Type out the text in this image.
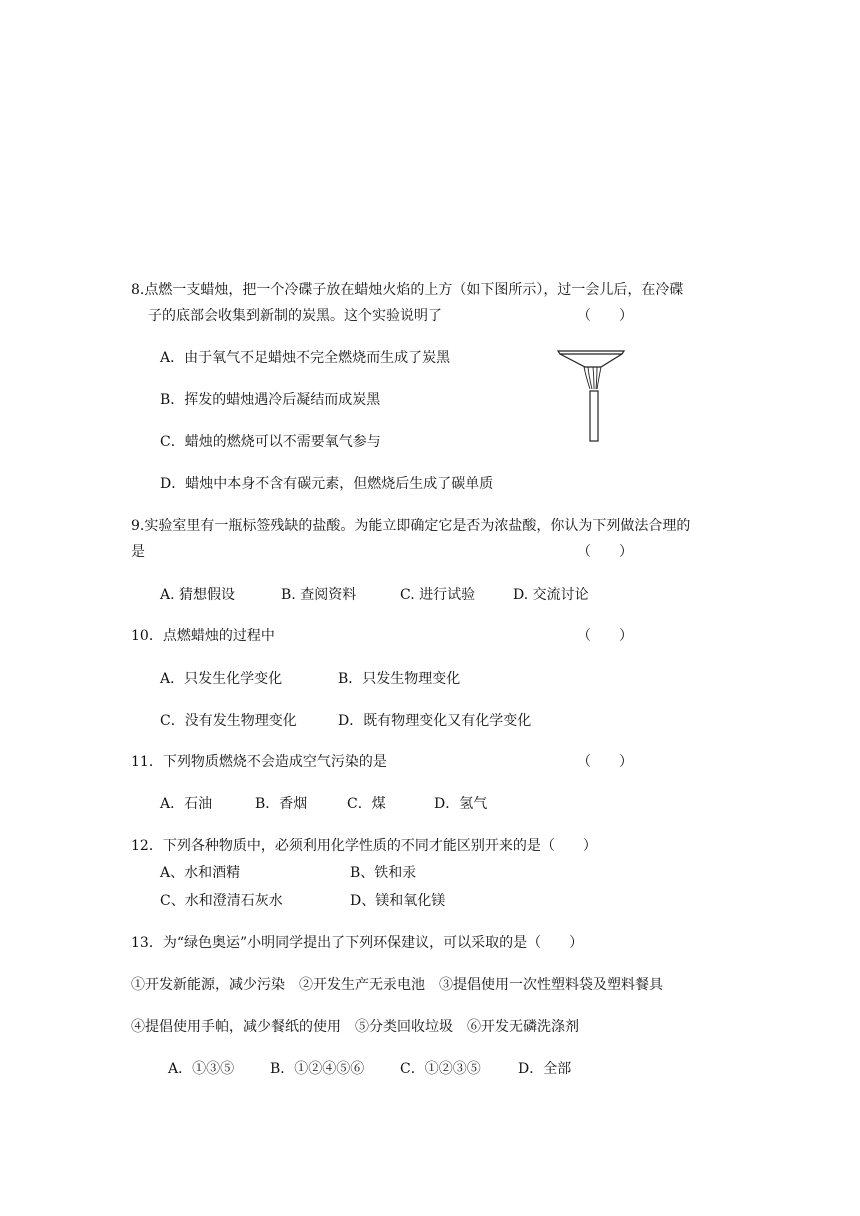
8.点燃一支蜡烛，把一个冷碟子放在蜡烛火焰的上方（如下图所示），过一会儿后，在冷碟
子的底部会收集到新制的炭黑。这个实验说明了	（　　）
A．由于氧气不足蜡烛不完全燃烧而生成了炭黑
B．挥发的蜡烛遇冷后凝结而成炭黑
C．蜡烛的燃烧可以不需要氧气参与
D．蜡烛中本身不含有碳元素，但燃烧后生成了碳单质
9.实验室里有一瓶标签残缺的盐酸。为能立即确定它是否为浓盐酸，你认为下列做法合理的
是	（　　）
A. 猜想假设	B. 查阅资料	C. 进行试验	D. 交流讨论
10．点燃蜡烛的过程中	（　　）
A．只发生化学变化	B．只发生物理变化
C．没有发生物理变化	D．既有物理变化又有化学变化
11．下列物质燃烧不会造成空气污染的是	（　　）
A．石油	B．香烟	C．煤	D．氢气
12．下列各种物质中，必须利用化学性质的不同才能区别开来的是（　　）
A、水和酒精	B、铁和汞
C、水和澄清石灰水	D、镁和氧化镁
13．为“绿色奥运”小明同学提出了下列环保建议，可以采取的是（　　）
①开发新能源，减少污染　②开发生产无汞电池　③提倡使用一次性塑料袋及塑料餐具
④提倡使用手帕，减少餐纸的使用　⑤分类回收垃圾　⑥开发无磷洗涤剂
A．①③⑤	B．①②④⑤⑥	C．①②③⑤	D．全部
